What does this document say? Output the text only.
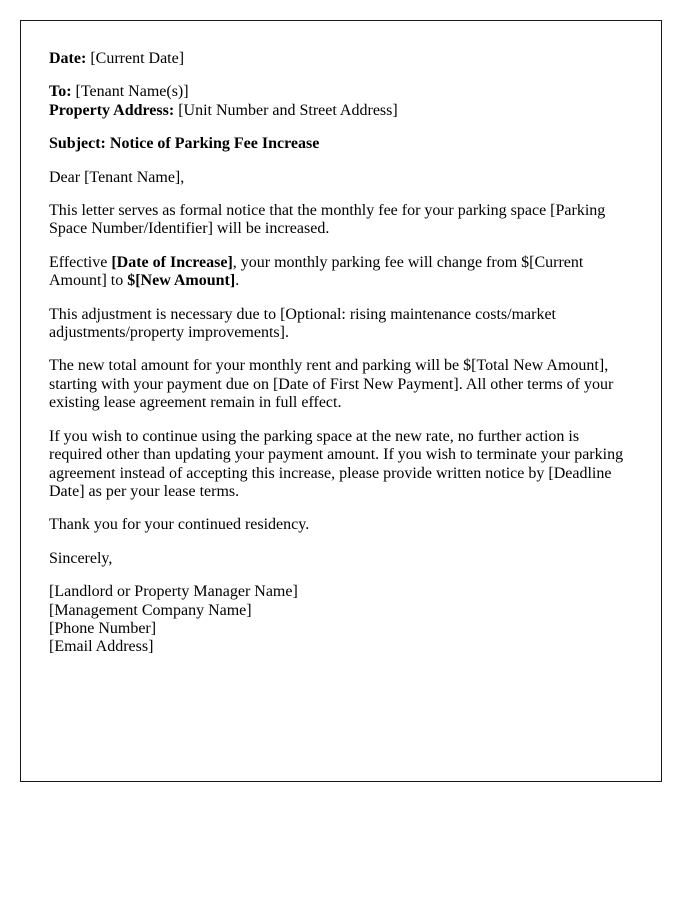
Date: [Current Date]

To: [Tenant Name(s)]
Property Address: [Unit Number and Street Address]

Subject: Notice of Parking Fee Increase

Dear [Tenant Name],

This letter serves as formal notice that the monthly fee for your parking space [Parking Space Number/Identifier] will be increased.

Effective [Date of Increase], your monthly parking fee will change from $[Current Amount] to $[New Amount].

This adjustment is necessary due to [Optional: rising maintenance costs/market adjustments/property improvements].

The new total amount for your monthly rent and parking will be $[Total New Amount], starting with your payment due on [Date of First New Payment]. All other terms of your existing lease agreement remain in full effect.

If you wish to continue using the parking space at the new rate, no further action is required other than updating your payment amount. If you wish to terminate your parking agreement instead of accepting this increase, please provide written notice by [Deadline Date] as per your lease terms.

Thank you for your continued residency.

Sincerely,

[Landlord or Property Manager Name]
[Management Company Name]
[Phone Number]
[Email Address]
